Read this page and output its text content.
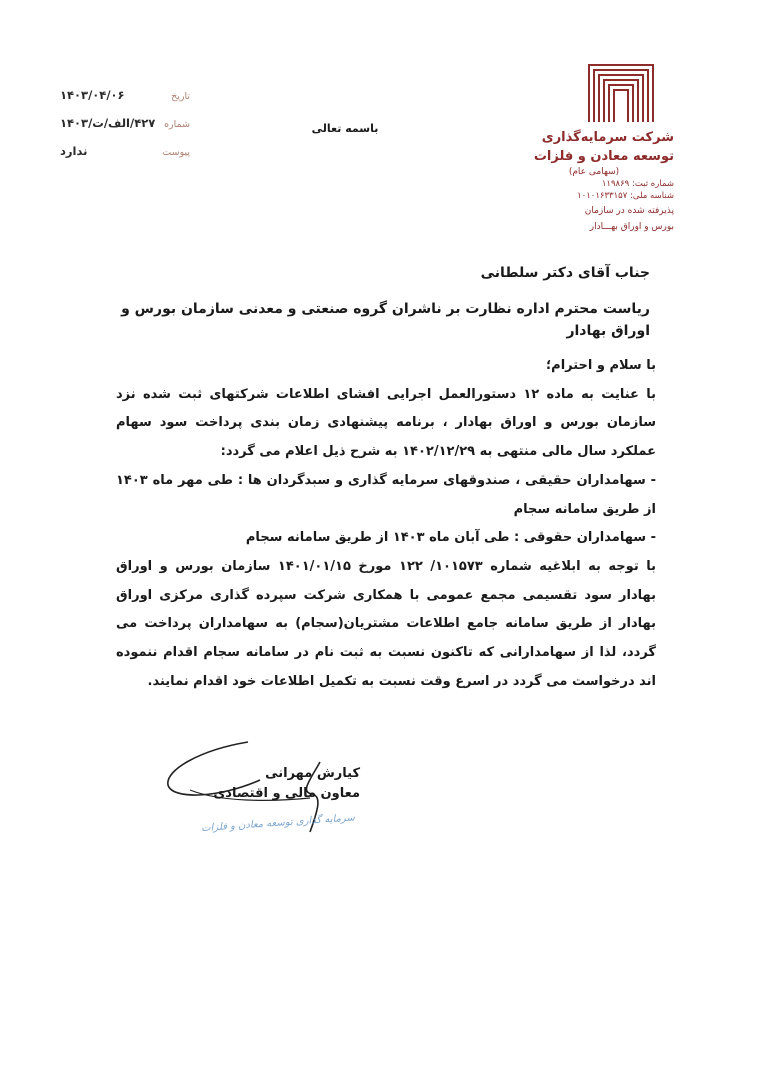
شرکت سرمایه‌گذاری
توسعه معادن و فلزات
(سهامی عام)
شماره ثبت: ۱۱۹۸۶۹
شناسه ملی: ۱۰۱۰۱۶۳۳۱۵۷
پذیرفته شده در سازمان
بورس و اوراق بهـــادار
تاریخ
۱۴۰۳/۰۴/۰۶
شماره
۴۲۷/الف/ت/۱۴۰۳
پیوست
ندارد
باسمه تعالی
جناب آقای دکتر سلطانی
ریاست محترم اداره نظارت بر ناشران گروه صنعتی و معدنی سازمان بورس و اوراق بهادار

با سلام و احترام؛

با عنایت به ماده ۱۲ دستورالعمل اجرایی افشای اطلاعات شرکتهای ثبت شده نزد سازمان بورس و اوراق بهادار ، برنامه پیشنهادی زمان بندی پرداخت سود سهام عملکرد سال مالی منتهی به ۱۴۰۲/۱۲/۲۹ به شرح ذیل اعلام می گردد:

- سهامداران حقیقی ، صندوقهای سرمایه گذاری و سبدگردان ها : طی مهر ماه ۱۴۰۳ از طریق سامانه سجام

- سهامداران حقوقی : طی آبان ماه ۱۴۰۳ از طریق سامانه سجام

با توجه به ابلاغیه شماره ۱۰۱۵۷۳/ ۱۲۲ مورخ ۱۴۰۱/۰۱/۱۵ سازمان بورس و اوراق بهادار سود تقسیمی مجمع عمومی با همکاری شرکت سپرده گذاری مرکزی اوراق بهادار از طریق سامانه جامع اطلاعات مشتریان(سجام) به سهامداران پرداخت می گردد، لذا از سهامدارانی که تاکنون نسبت به ثبت نام در سامانه سجام اقدام ننموده اند درخواست می گردد در اسرع وقت نسبت به تکمیل اطلاعات خود اقدام نمایند.

کیارش مهرانی
معاون مالی و اقتصادی
سرمایه گذاری توسعه معادن و فلزات
